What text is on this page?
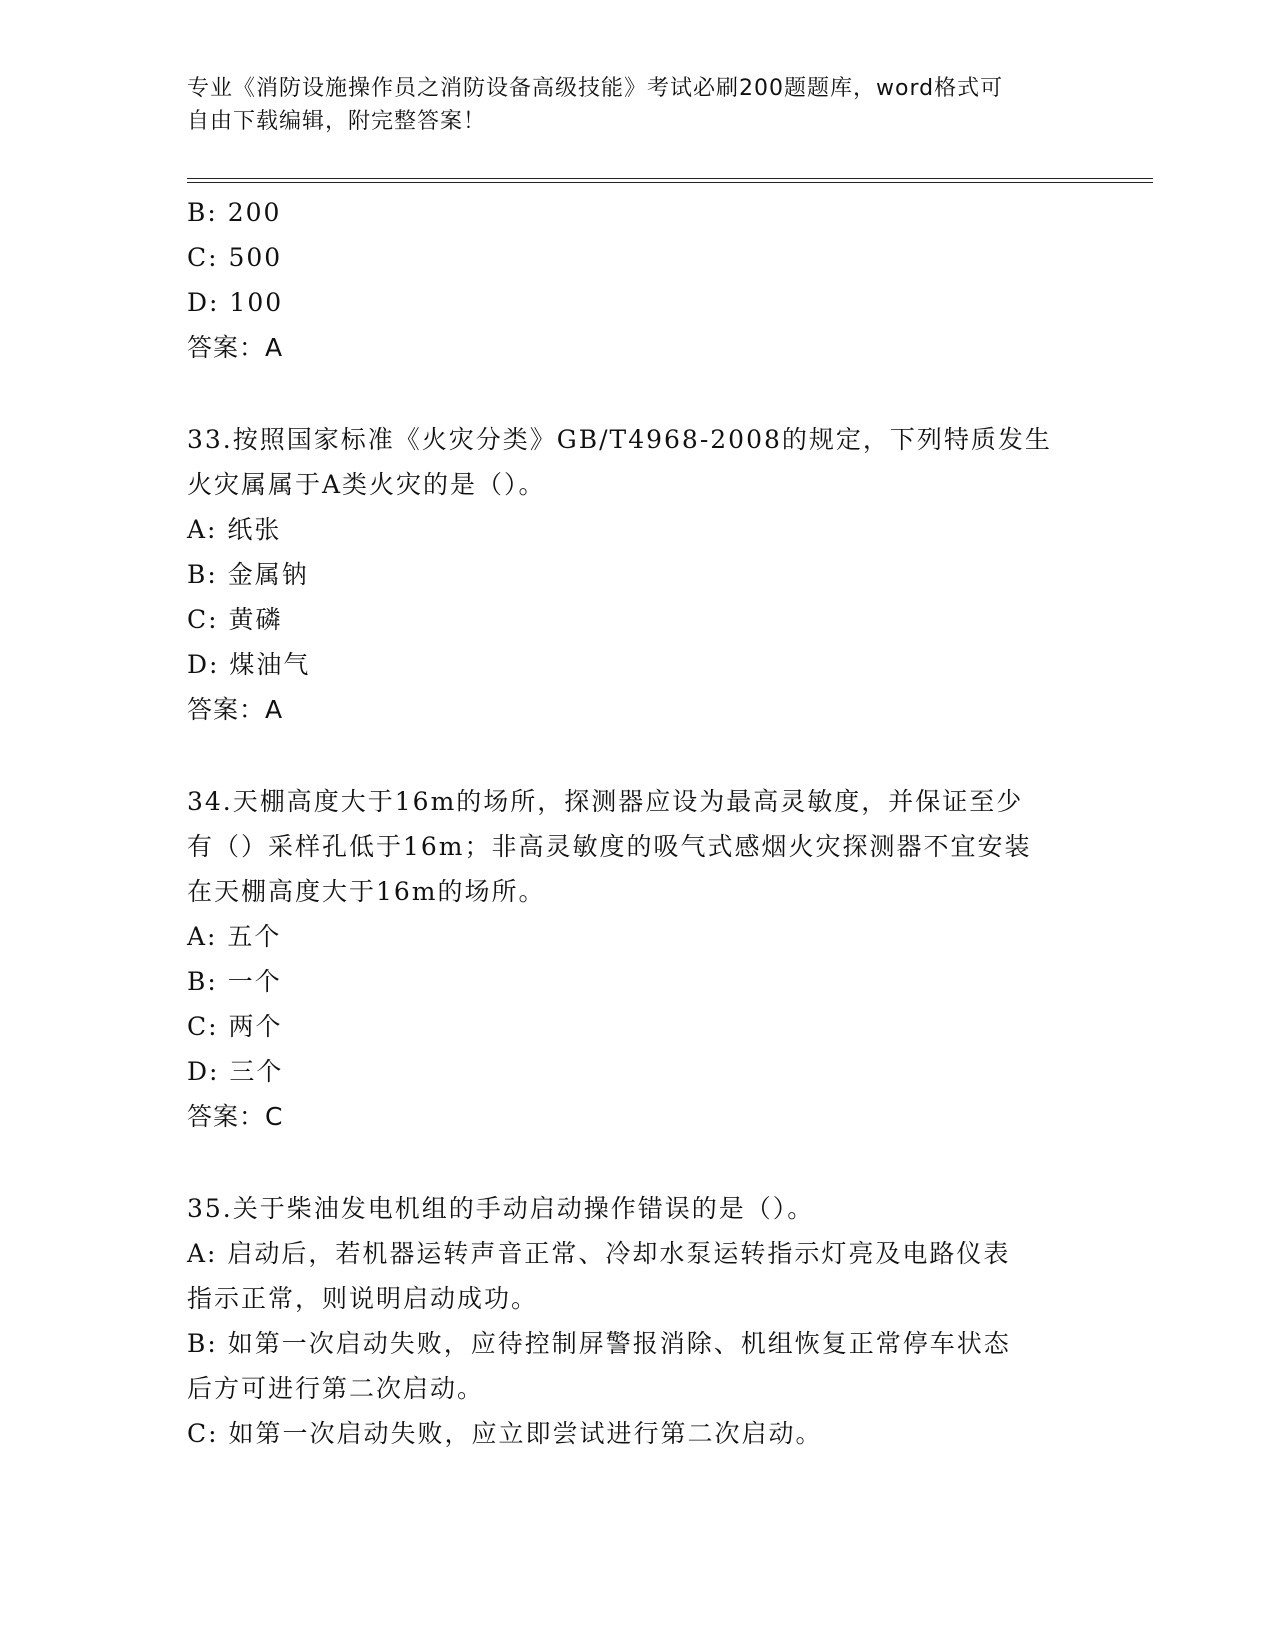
专业《消防设施操作员之消防设备高级技能》考试必刷200题题库，word格式可
自由下载编辑，附完整答案！

B: 200

C: 500

D: 100

答案：A

33.按照国家标准《火灾分类》GB/T4968-2008的规定，下列特质发生

火灾属属于A类火灾的是（）。

A: 纸张

B: 金属钠

C: 黄磷

D: 煤油气

答案：A

34.天棚高度大于16m的场所，探测器应设为最高灵敏度，并保证至少

有（）采样孔低于16m；非高灵敏度的吸气式感烟火灾探测器不宜安装

在天棚高度大于16m的场所。

A: 五个

B: 一个

C: 两个

D: 三个

答案：C

35.关于柴油发电机组的手动启动操作错误的是（）。

A: 启动后，若机器运转声音正常、冷却水泵运转指示灯亮及电路仪表

指示正常，则说明启动成功。

B: 如第一次启动失败，应待控制屏警报消除、机组恢复正常停车状态

后方可进行第二次启动。

C: 如第一次启动失败，应立即尝试进行第二次启动。
